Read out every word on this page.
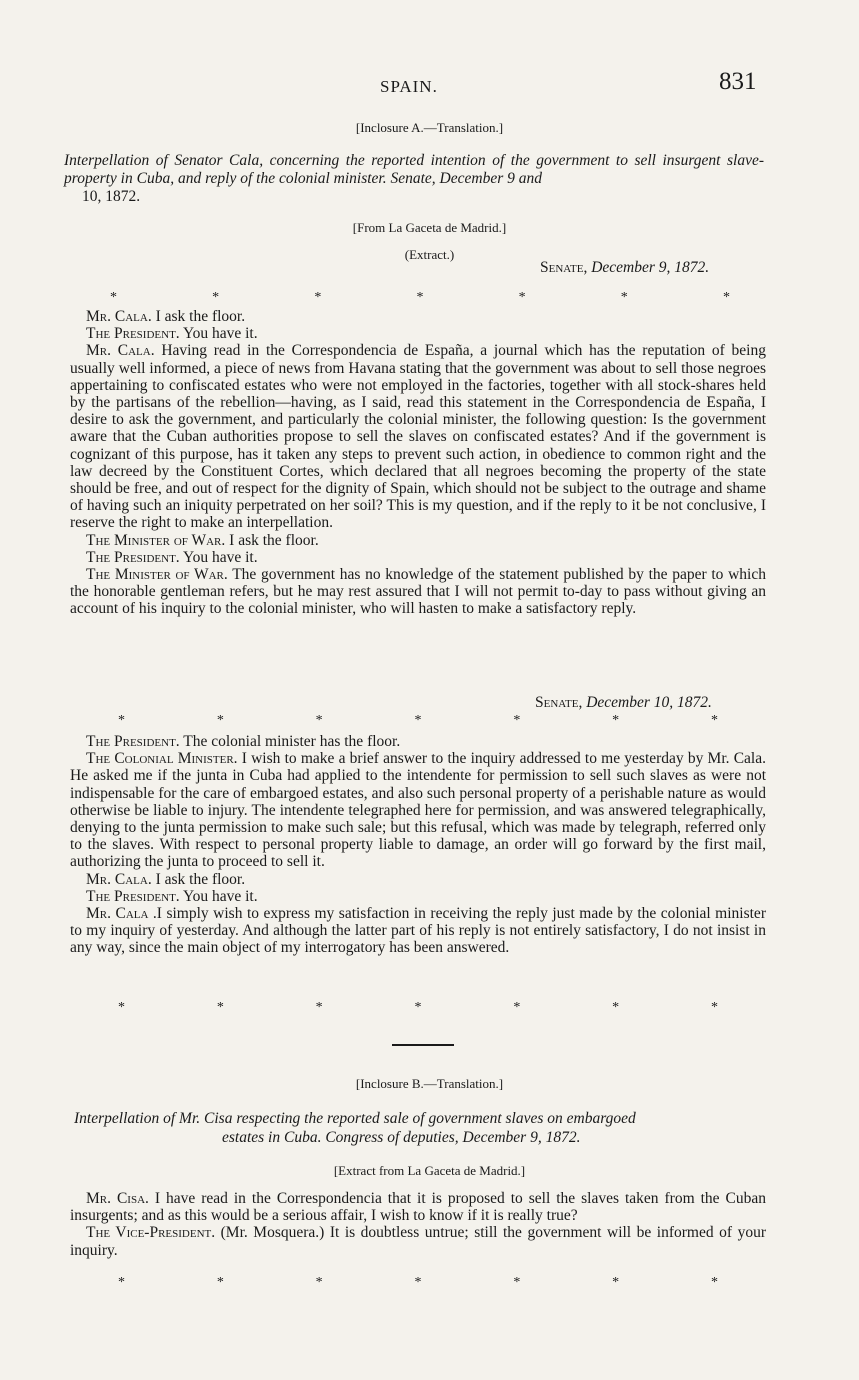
SPAIN.	831
[Inclosure A.—Translation.]
Interpellation of Senator Cala, concerning the reported intention of the government to sell insurgent slave-property in Cuba, and reply of the colonial minister. Senate, December 9 and
10, 1872.
[From La Gaceta de Madrid.]
(Extract.)
Senate, December 9, 1872.
*	*	*	*	*	*	*

Mr. Cala. I ask the floor.

The President. You have it.

Mr. Cala. Having read in the Correspondencia de España, a journal which has the reputation of being usually well informed, a piece of news from Havana stating that the government was about to sell those negroes appertaining to confiscated estates who were not employed in the factories, together with all stock-shares held by the partisans of the rebellion—having, as I said, read this statement in the Correspondencia de España, I desire to ask the government, and particularly the colonial minister, the following question: Is the government aware that the Cuban authorities propose to sell the slaves on confiscated estates? And if the government is cognizant of this purpose, has it taken any steps to prevent such action, in obedience to common right and the law decreed by the Constituent Cortes, which declared that all negroes becoming the property of the state should be free, and out of respect for the dignity of Spain, which should not be subject to the outrage and shame of having such an iniquity perpetrated on her soil? This is my question, and if the reply to it be not conclusive, I reserve the right to make an interpellation.

The Minister of War. I ask the floor.

The President. You have it.

The Minister of War. The government has no knowledge of the statement published by the paper to which the honorable gentleman refers, but he may rest assured that I will not permit to-day to pass without giving an account of his inquiry to the colonial minister, who will hasten to make a satisfactory reply.

Senate, December 10, 1872.
*	*	*	*	*	*	*

The President. The colonial minister has the floor.

The Colonial Minister. I wish to make a brief answer to the inquiry addressed to me yesterday by Mr. Cala. He asked me if the junta in Cuba had applied to the intendente for permission to sell such slaves as were not indispensable for the care of embargoed estates, and also such personal property of a perishable nature as would otherwise be liable to injury. The intendente telegraphed here for permission, and was answered telegraphically, denying to the junta permission to make such sale; but this refusal, which was made by telegraph, referred only to the slaves. With respect to personal property liable to damage, an order will go forward by the first mail, authorizing the junta to proceed to sell it.

Mr. Cala. I ask the floor.

The President. You have it.

Mr. Cala .I simply wish to express my satisfaction in receiving the reply just made by the colonial minister to my inquiry of yesterday. And although the latter part of his reply is not entirely satisfactory, I do not insist in any way, since the main object of my interrogatory has been answered.

*	*	*	*	*	*	*
[Inclosure B.—Translation.]
Interpellation of Mr. Cisa respecting the reported sale of government slaves on embargoed
estates in Cuba. Congress of deputies, December 9, 1872.
[Extract from La Gaceta de Madrid.]

Mr. Cisa. I have read in the Correspondencia that it is proposed to sell the slaves taken from the Cuban insurgents; and as this would be a serious affair, I wish to know if it is really true?

The Vice-President. (Mr. Mosquera.) It is doubtless untrue; still the government will be informed of your inquiry.

*	*	*	*	*	*	*
